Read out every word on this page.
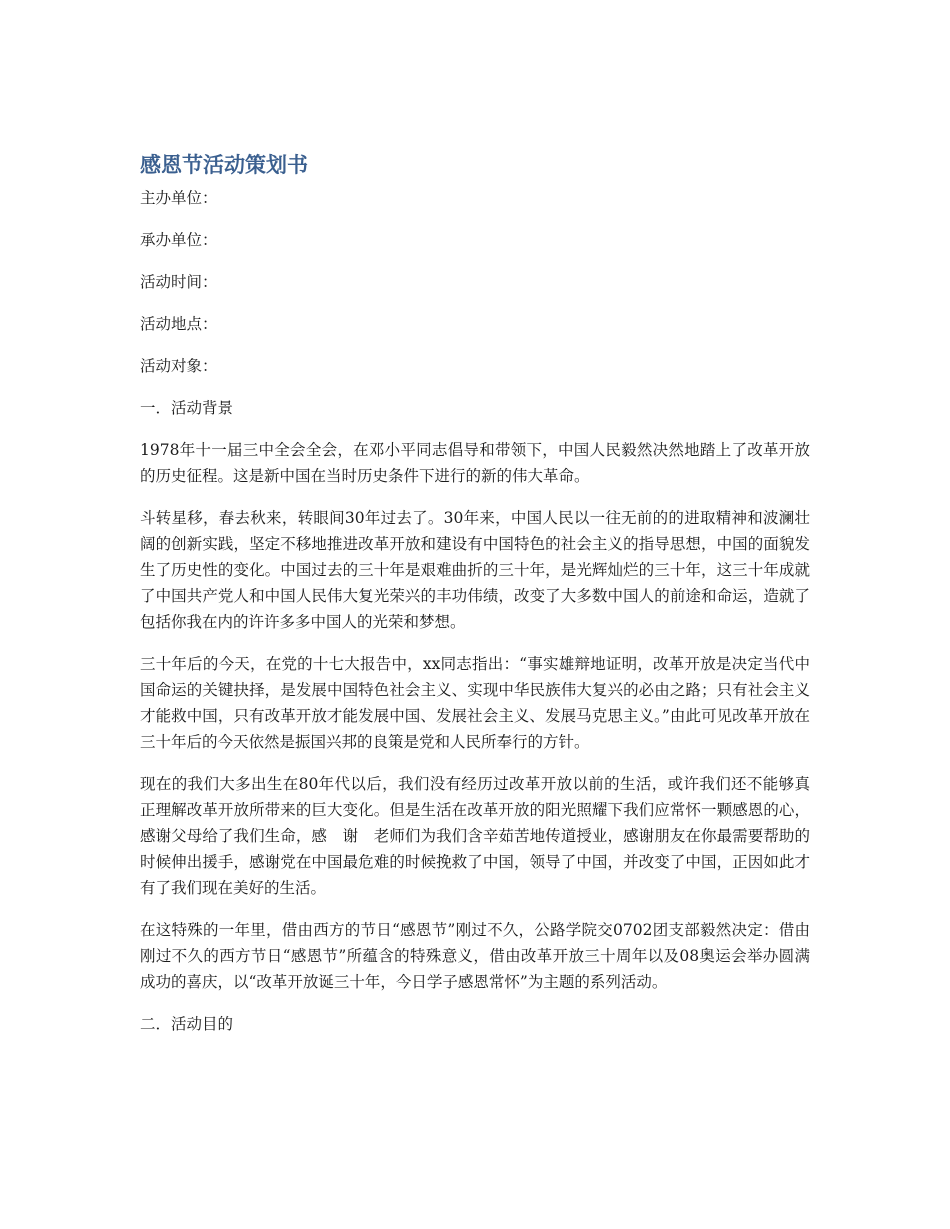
感恩节活动策划书

主办单位：

承办单位：

活动时间：

活动地点：

活动对象：

一．活动背景

1978年十一届三中全会全会，在邓小平同志倡导和带领下，中国人民毅然决然地踏上了改革开放的历史征程。这是新中国在当时历史条件下进行的新的伟大革命。

斗转星移，春去秋来，转眼间30年过去了。30年来，中国人民以一往无前的的进取精神和波澜壮阔的创新实践，坚定不移地推进改革开放和建设有中国特色的社会主义的指导思想，中国的面貌发生了历史性的变化。中国过去的三十年是艰难曲折的三十年，是光辉灿烂的三十年，这三十年成就了中国共产党人和中国人民伟大复光荣兴的丰功伟绩，改变了大多数中国人的前途和命运，造就了包括你我在内的许许多多中国人的光荣和梦想。

三十年后的今天，在党的十七大报告中，xx同志指出：“事实雄辩地证明，改革开放是决定当代中国命运的关键抉择，是发展中国特色社会主义、实现中华民族伟大复兴的必由之路；只有社会主义才能救中国，只有改革开放才能发展中国、发展社会主义、发展马克思主义。”由此可见改革开放在三十年后的今天依然是振国兴邦的良策是党和人民所奉行的方针。

现在的我们大多出生在80年代以后，我们没有经历过改革开放以前的生活，或许我们还不能够真正理解改革开放所带来的巨大变化。但是生活在改革开放的阳光照耀下我们应常怀一颗感恩的心，感谢父母给了我们生命，感　谢　老师们为我们含辛茹苦地传道授业，感谢朋友在你最需要帮助的时候伸出援手，感谢党在中国最危难的时候挽救了中国，领导了中国，并改变了中国，正因如此才有了我们现在美好的生活。

在这特殊的一年里，借由西方的节日“感恩节”刚过不久，公路学院交0702团支部毅然决定：借由刚过不久的西方节日“感恩节”所蕴含的特殊意义，借由改革开放三十周年以及08奥运会举办圆满成功的喜庆，以“改革开放诞三十年，今日学子感恩常怀”为主题的系列活动。

二．活动目的
